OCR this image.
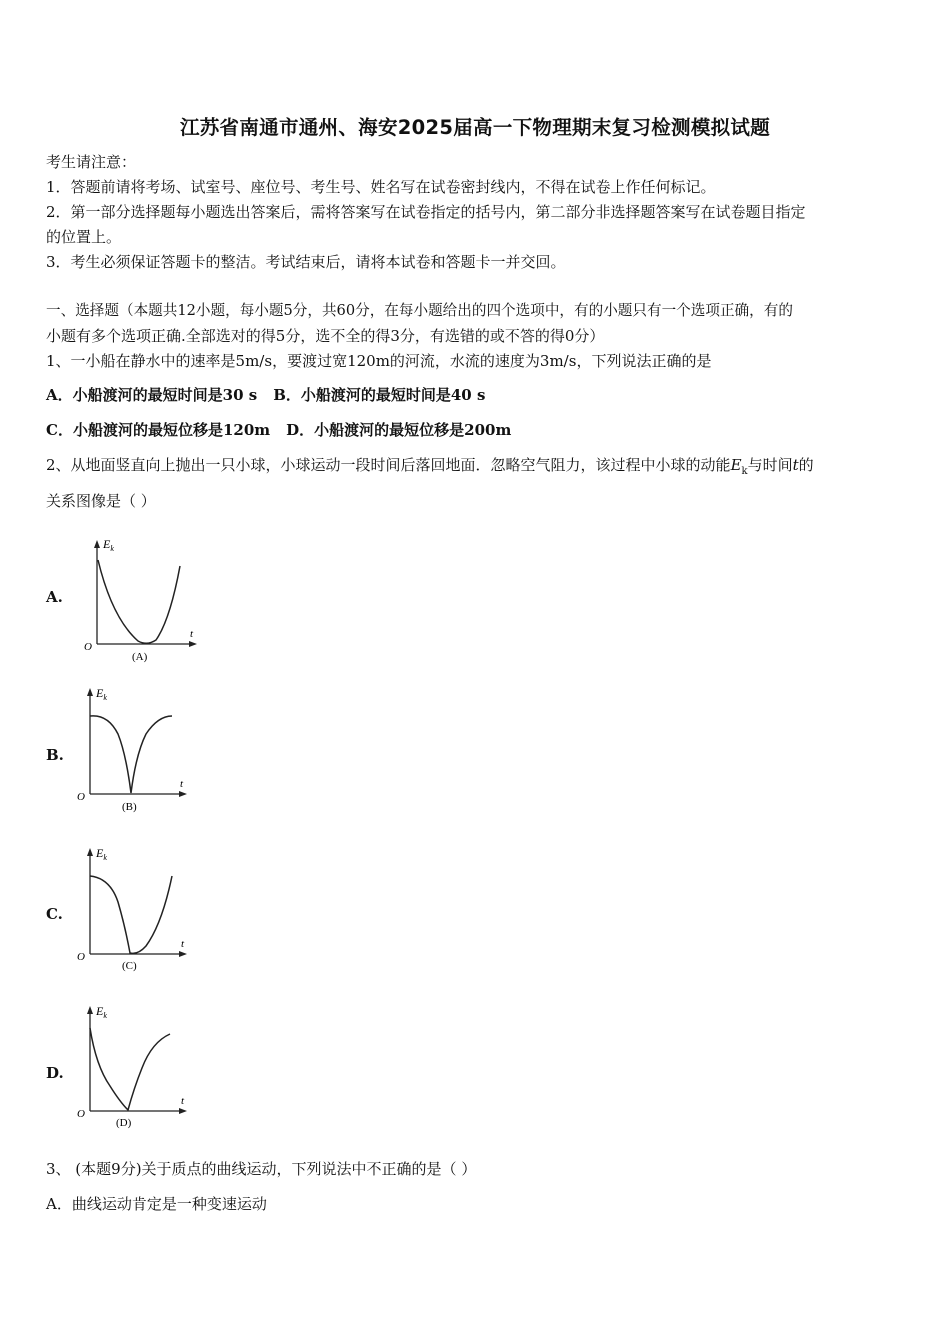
江苏省南通市通州、海安2025届高一下物理期末复习检测模拟试题
考生请注意：
1．答题前请将考场、试室号、座位号、考生号、姓名写在试卷密封线内，不得在试卷上作任何标记。
2．第一部分选择题每小题选出答案后，需将答案写在试卷指定的括号内，第二部分非选择题答案写在试卷题目指定
的位置上。
3．考生必须保证答题卡的整洁。考试结束后，请将本试卷和答题卡一并交回。
一、选择题（本题共12小题，每小题5分，共60分，在每小题给出的四个选项中，有的小题只有一个选项正确，有的
小题有多个选项正确.全部选对的得5分，选不全的得3分，有选错的或不答的得0分）
1、一小船在静水中的速率是5m/s，要渡过宽120m的河流，水流的速度为3m/s，下列说法正确的是
A．小船渡河的最短时间是30 s B．小船渡河的最短时间是40 s
C．小船渡河的最短位移是120m D．小船渡河的最短位移是200m
2、从地面竖直向上抛出一只小球，小球运动一段时间后落回地面．忽略空气阻力，该过程中小球的动能$E_k$与时间t的
关系图像是（ ）
A.
$E_k$
t
O
(A)
B.
$E_k$
t
O
(B)
C.
$E_k$
t
O
(C)
D.
$E_k$
t
O
(D)
3、 (本题9分)关于质点的曲线运动，下列说法中不正确的是（ ）
A．曲线运动肯定是一种变速运动
